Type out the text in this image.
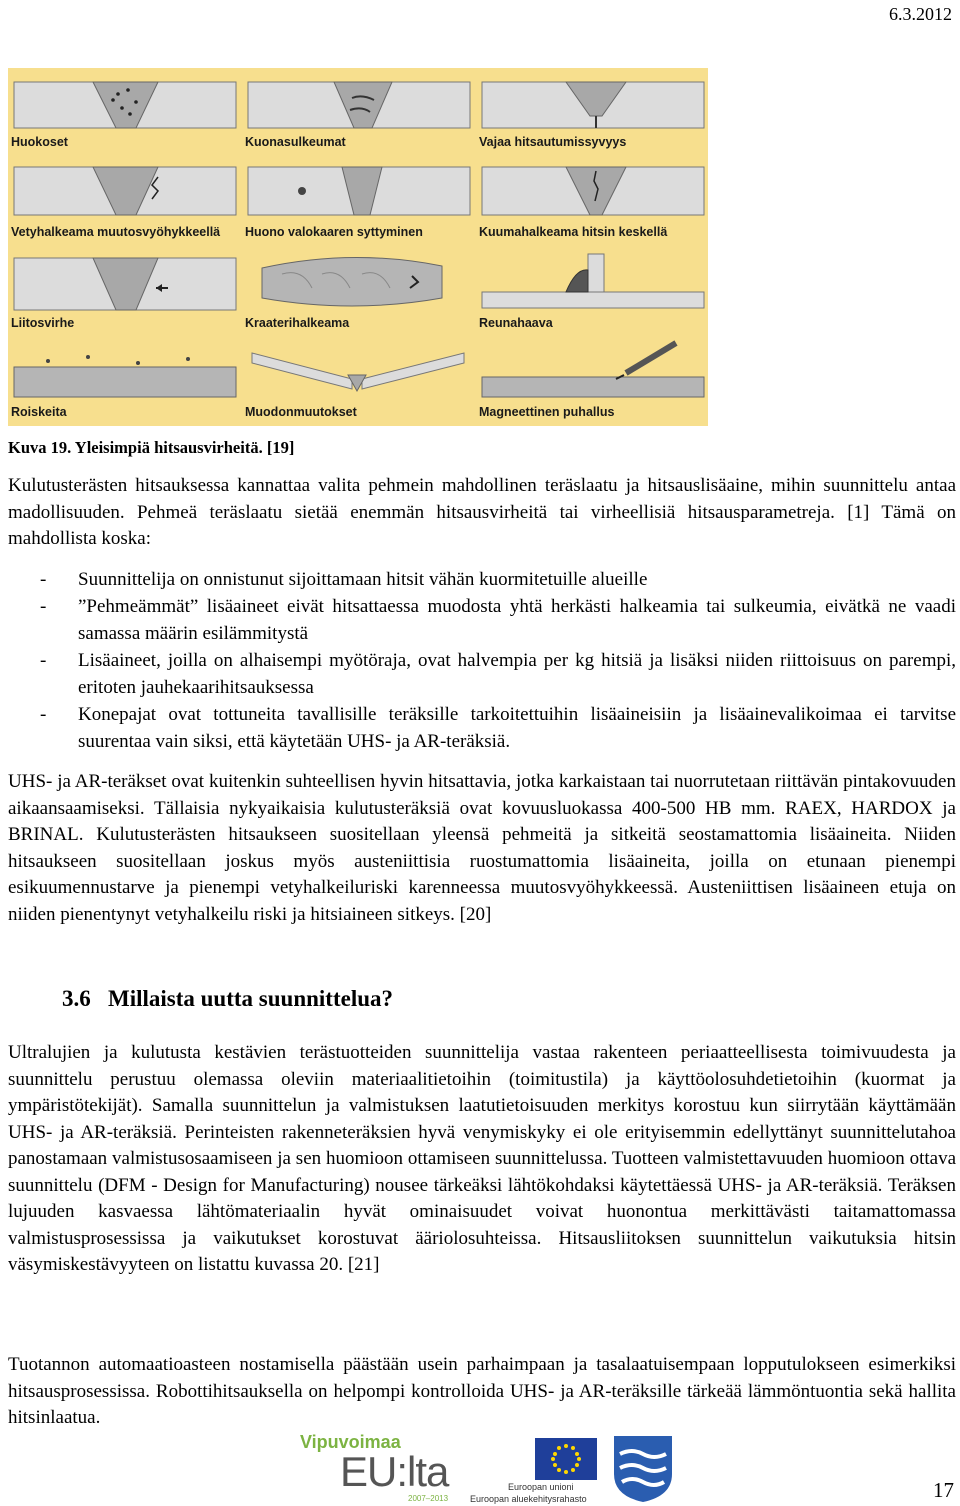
6.3.2012
Huokoset	Kuonasulkeumat	Vajaa hitsautumissyvyys
Vetyhalkeama muutosvyöhykkeellä Huono valokaaren syttyminen	Kuumahalkeama hitsin keskellä
Liitosvirhe	Kraaterihalkeama	Reunahaava
Roiskeita	Muodonmuutokset	Magneettinen puhallus
Kuva 19. Yleisimpiä hitsausvirheitä. [19]

Kulutusterästen hitsauksessa kannattaa valita pehmein mahdollinen teräslaatu ja hitsauslisäaine, mihin suunnittelu antaa madollisuuden. Pehmeä teräslaatu sietää enemmän hitsausvirheitä tai virheellisiä hitsausparametreja. [1] Tämä on mahdollista koska:

- Suunnittelija on onnistunut sijoittamaan hitsit vähän kuormitetuille alueille
- ”Pehmeämmät” lisäaineet eivät hitsattaessa muodosta yhtä herkästi halkeamia tai sulkeumia, eivätkä ne vaadi samassa määrin esilämmitystä
- Lisäaineet, joilla on alhaisempi myötöraja, ovat halvempia per kg hitsiä ja lisäksi niiden riittoisuus on parempi, eritoten jauhekaarihitsauksessa
- Konepajat ovat tottuneita tavallisille teräksille tarkoitettuihin lisäaineisiin ja lisäainevalikoimaa ei tarvitse suurentaa vain siksi, että käytetään UHS- ja AR-teräksiä.

UHS- ja AR-teräkset ovat kuitenkin suhteellisen hyvin hitsattavia, jotka karkaistaan tai nuorrutetaan riittävän pintakovuuden aikaansaamiseksi. Tällaisia nykyaikaisia kulutusteräksiä ovat kovuusluokassa 400-500 HB mm. RAEX, HARDOX ja BRINAL. Kulutusterästen hitsaukseen suositellaan yleensä pehmeitä ja sitkeitä seostamattomia lisäaineita. Niiden hitsaukseen suositellaan joskus myös austeniittisia ruostumattomia lisäaineita, joilla on etunaan pienempi esikuumennustarve ja pienempi vetyhalkeiluriski karenneessa muutosvyöhykkeessä. Austeniittisen lisäaineen etuja on niiden pienentynyt vetyhalkeilu riski ja hitsiaineen sitkeys. [20]

3.6 Millaista uutta suunnittelua?

Ultralujien ja kulutusta kestävien terästuotteiden suunnittelija vastaa rakenteen periaatteellisesta toimivuudesta ja suunnittelu perustuu olemassa oleviin materiaalitietoihin (toimitustila) ja käyttöolosuhdetietoihin (kuormat ja ympäristötekijät). Samalla suunnittelun ja valmistuksen laatutietoisuuden merkitys korostuu kun siirrytään käyttämään UHS- ja AR-teräksiä. Perinteisten rakenneteräksien hyvä venymiskyky ei ole erityisemmin edellyttänyt suunnittelutahoa panostamaan valmistusosaamiseen ja sen huomioon ottamiseen suunnittelussa. Tuotteen valmistettavuuden huomioon ottava suunnittelu (DFM - Design for Manufacturing) nousee tärkeäksi lähtökohdaksi käytettäessä UHS- ja AR-teräksiä. Teräksen lujuuden kasvaessa lähtömateriaalin hyvät ominaisuudet voivat huonontua merkittävästi taitamattomassa valmistusprosessissa ja vaikutukset korostuvat ääriolosuhteissa. Hitsausliitoksen suunnittelun vaikutuksia hitsin väsymiskestävyyteen on listattu kuvassa 20. [21]

Tuotannon automaatioasteen nostamisella päästään usein parhaimpaan ja tasalaatuisempaan lopputulokseen esimerkiksi hitsausprosessissa. Robottihitsauksella on helpompi kontrolloida UHS- ja AR-teräksille tärkeää lämmöntuontia sekä hallita hitsinlaatua.

Vipuvoimaa
EU:lta
2007–2013
Euroopan unioni
Euroopan aluekehitysrahasto	17
